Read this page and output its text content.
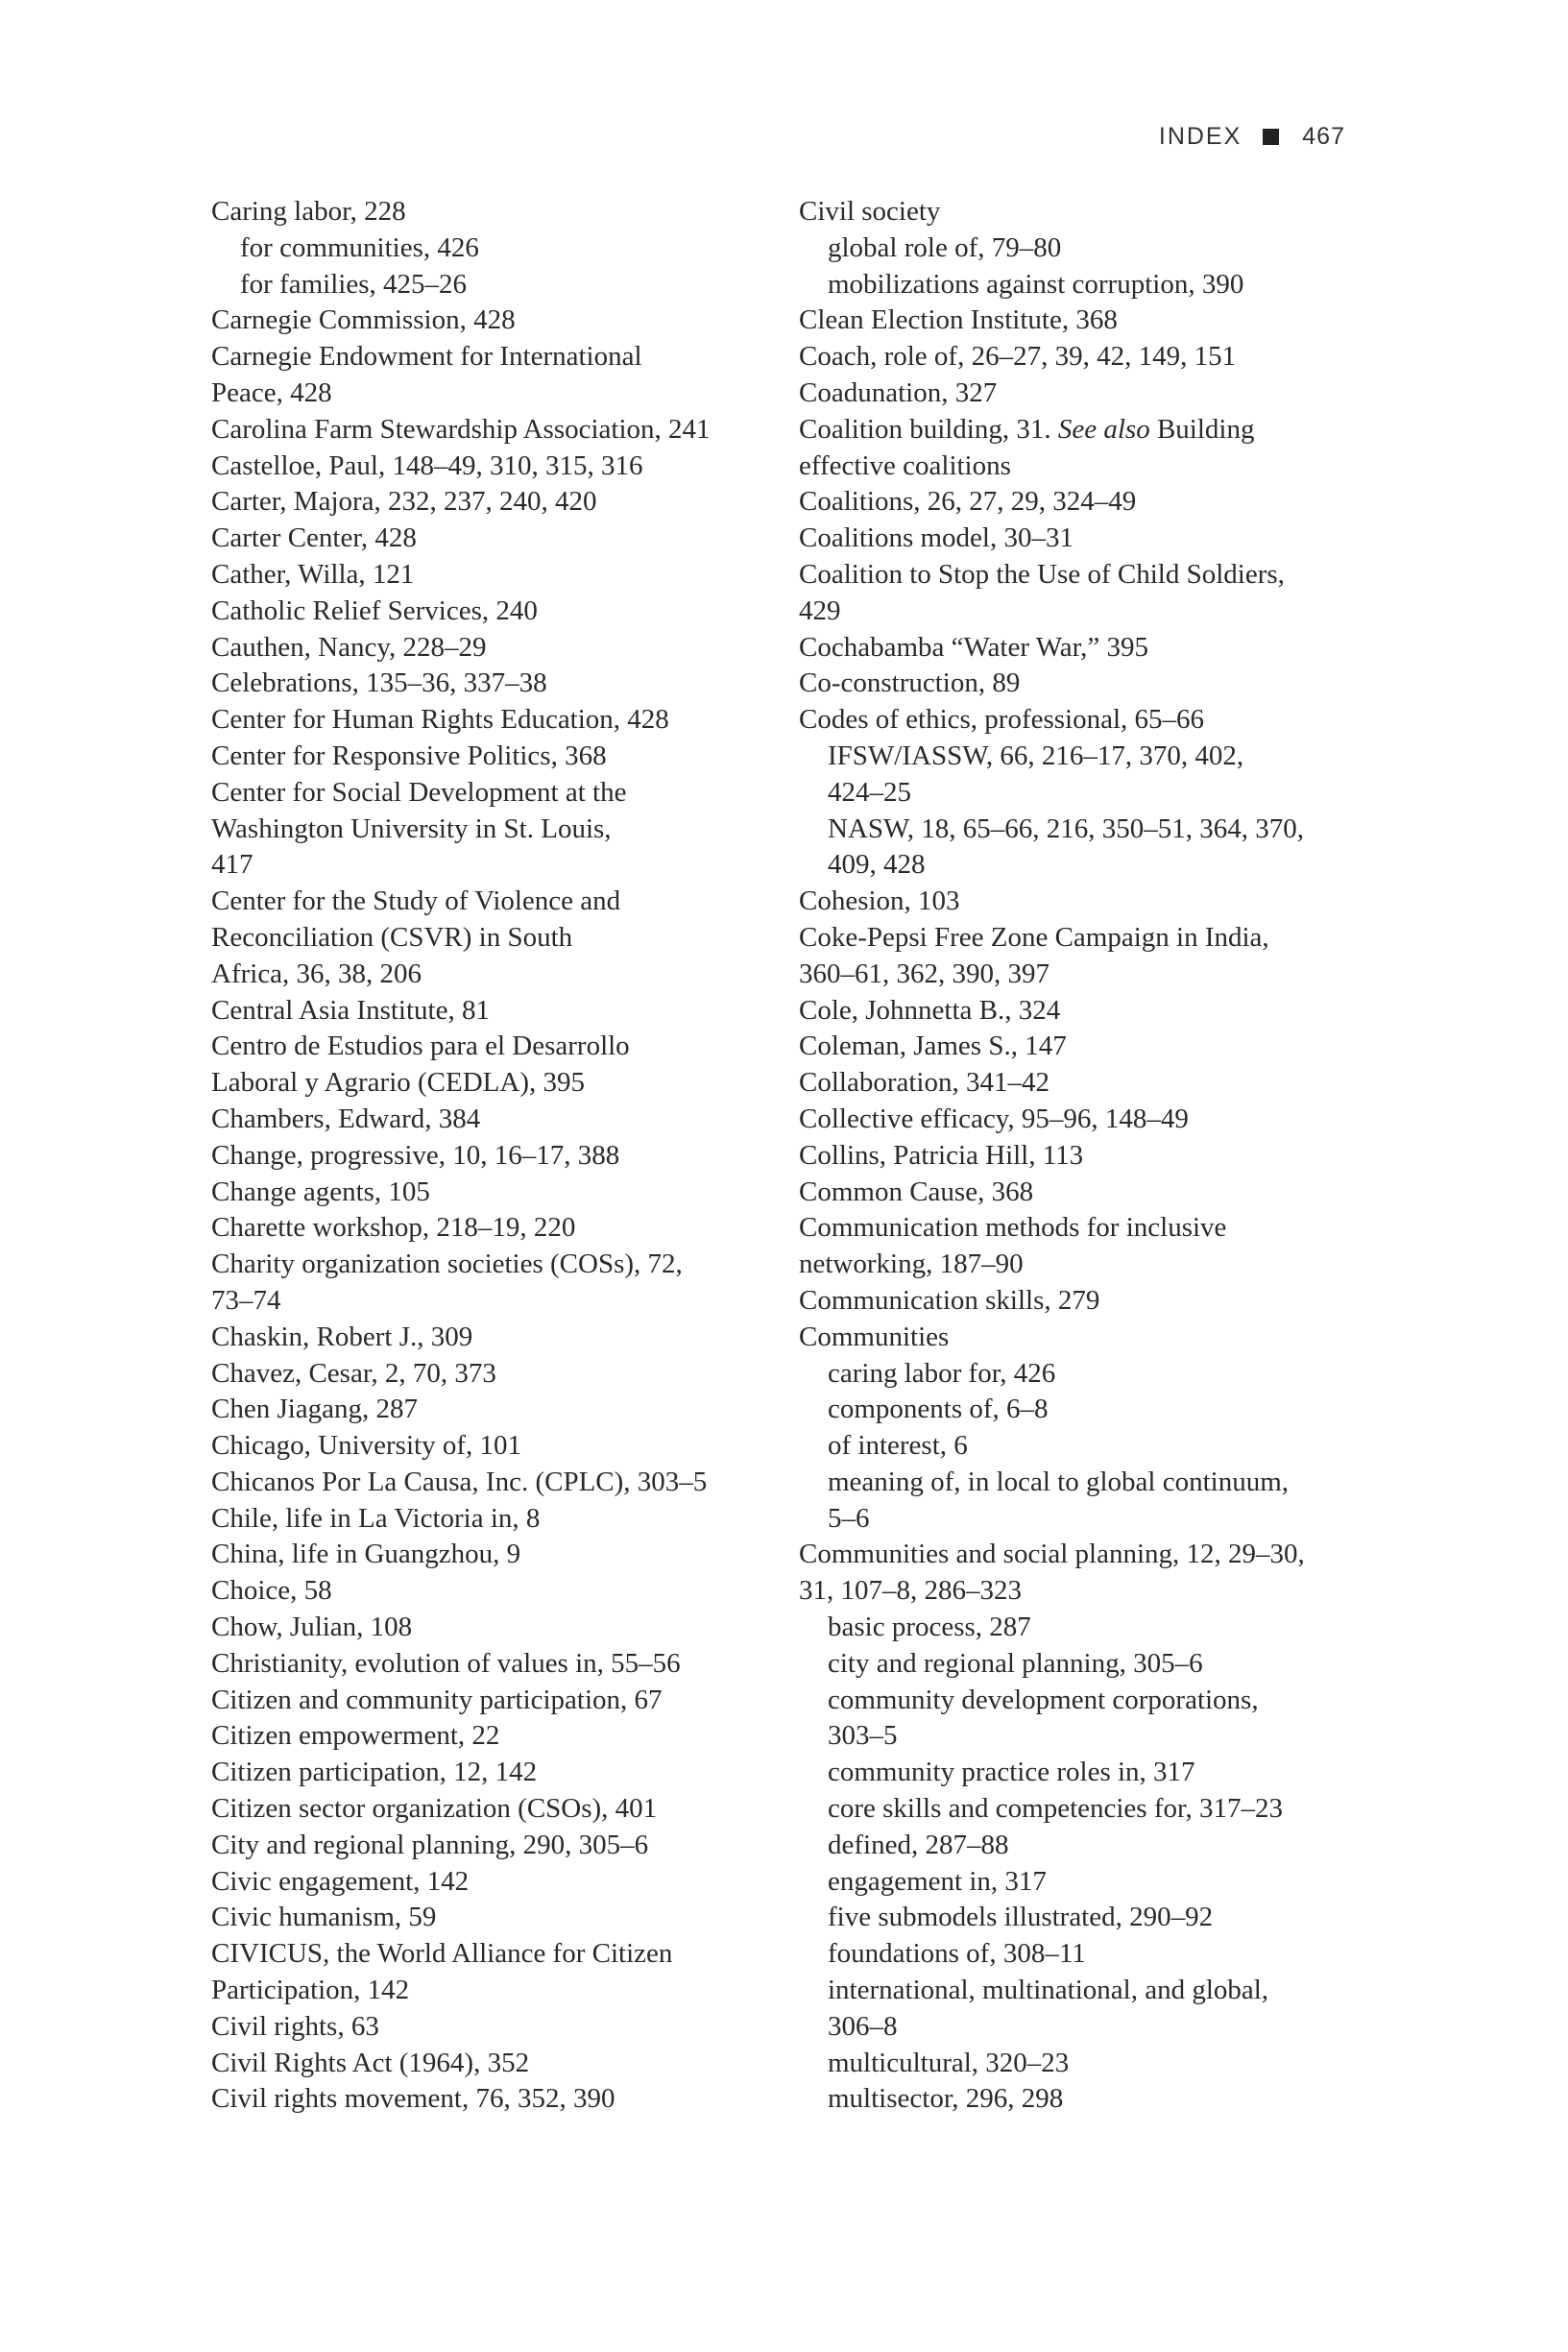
INDEX	467
Caring labor, 228
for communities, 426
for families, 425–26
Carnegie Commission, 428
Carnegie Endowment for International
Peace, 428
Carolina Farm Stewardship Association, 241
Castelloe, Paul, 148–49, 310, 315, 316
Carter, Majora, 232, 237, 240, 420
Carter Center, 428
Cather, Willa, 121
Catholic Relief Services, 240
Cauthen, Nancy, 228–29
Celebrations, 135–36, 337–38
Center for Human Rights Education, 428
Center for Responsive Politics, 368
Center for Social Development at the
Washington University in St. Louis,
417
Center for the Study of Violence and
Reconciliation (CSVR) in South
Africa, 36, 38, 206
Central Asia Institute, 81
Centro de Estudios para el Desarrollo
Laboral y Agrario (CEDLA), 395
Chambers, Edward, 384
Change, progressive, 10, 16–17, 388
Change agents, 105
Charette workshop, 218–19, 220
Charity organization societies (COSs), 72,
73–74
Chaskin, Robert J., 309
Chavez, Cesar, 2, 70, 373
Chen Jiagang, 287
Chicago, University of, 101
Chicanos Por La Causa, Inc. (CPLC), 303–5
Chile, life in La Victoria in, 8
China, life in Guangzhou, 9
Choice, 58
Chow, Julian, 108
Christianity, evolution of values in, 55–56
Citizen and community participation, 67
Citizen empowerment, 22
Citizen participation, 12, 142
Citizen sector organization (CSOs), 401
City and regional planning, 290, 305–6
Civic engagement, 142
Civic humanism, 59
CIVICUS, the World Alliance for Citizen
Participation, 142
Civil rights, 63
Civil Rights Act (1964), 352
Civil rights movement, 76, 352, 390
Civil society
global role of, 79–80
mobilizations against corruption, 390
Clean Election Institute, 368
Coach, role of, 26–27, 39, 42, 149, 151
Coadunation, 327
Coalition building, 31. See also Building
effective coalitions
Coalitions, 26, 27, 29, 324–49
Coalitions model, 30–31
Coalition to Stop the Use of Child Soldiers,
429
Cochabamba “Water War,” 395
Co-construction, 89
Codes of ethics, professional, 65–66
IFSW/IASSW, 66, 216–17, 370, 402,
424–25
NASW, 18, 65–66, 216, 350–51, 364, 370,
409, 428
Cohesion, 103
Coke-Pepsi Free Zone Campaign in India,
360–61, 362, 390, 397
Cole, Johnnetta B., 324
Coleman, James S., 147
Collaboration, 341–42
Collective efficacy, 95–96, 148–49
Collins, Patricia Hill, 113
Common Cause, 368
Communication methods for inclusive
networking, 187–90
Communication skills, 279
Communities
caring labor for, 426
components of, 6–8
of interest, 6
meaning of, in local to global continuum,
5–6
Communities and social planning, 12, 29–30,
31, 107–8, 286–323
basic process, 287
city and regional planning, 305–6
community development corporations,
303–5
community practice roles in, 317
core skills and competencies for, 317–23
defined, 287–88
engagement in, 317
five submodels illustrated, 290–92
foundations of, 308–11
international, multinational, and global,
306–8
multicultural, 320–23
multisector, 296, 298
